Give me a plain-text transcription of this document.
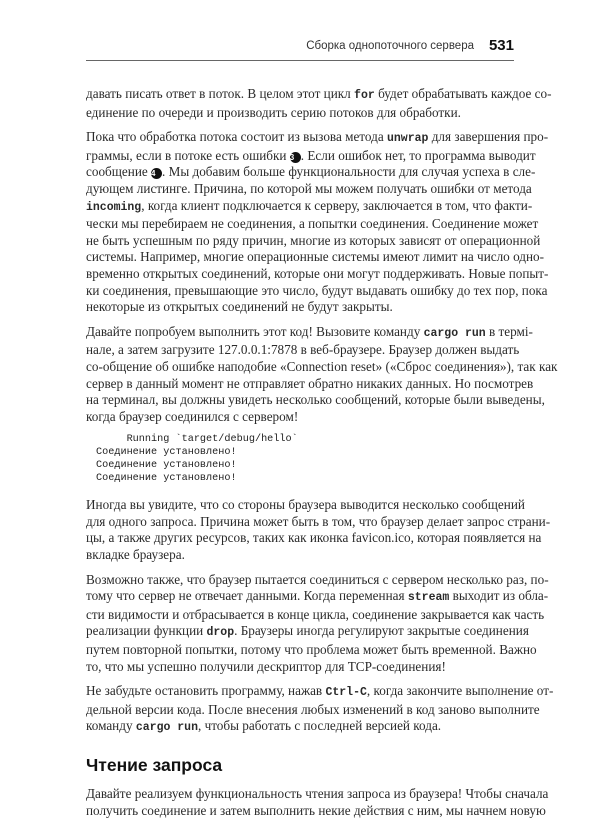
Сборка однопоточного сервера 531

давать писать ответ в поток. В целом этот цикл for будет обрабатывать каждое со-
единение по очереди и производить серию потоков для обработки.

Пока что обработка потока состоит из вызова метода unwrap для завершения про-
граммы, если в потоке есть ошибки 3 . Если ошибок нет, то программа выводит
сообщение 4 . Мы добавим больше функциональности для случая успеха в сле-
дующем листинге. Причина, по которой мы можем получать ошибки от метода
incoming, когда клиент подключается к серверу, заключается в том, что факти-
чески мы перебираем не соединения, а попытки соединения. Соединение может
не быть успешным по ряду причин, многие из которых зависят от операционной
системы. Например, многие операционные системы имеют лимит на число одно-
временно открытых соединений, которые они могут поддерживать. Новые попыт-
ки соединения, превышающие это число, будут выдавать ошибку до тех пор, пока
некоторые из открытых соединений не будут закрыты.

Давайте попробуем выполнить этот код! Вызовите команду cargo run в термі-
нале, а затем загрузите 127.0.0.1:7878 в веб-браузере. Браузер должен выдать
со-общение об ошибке наподобие «Connection reset» («Сброс соединения»), так как
сервер в данный момент не отправляет обратно никаких данных. Но посмотрев
на терминал, вы должны увидеть несколько сообщений, которые были выведены,
когда браузер соединился с сервером!

Running `target/debug/hello`
Соединение установлено!
Соединение установлено!
Соединение установлено!

Иногда вы увидите, что со стороны браузера выводится несколько сообщений
для одного запроса. Причина может быть в том, что браузер делает запрос страни-
цы, а также других ресурсов, таких как иконка favicon.ico, которая появляется на
вкладке браузера.

Возможно также, что браузер пытается соединиться с сервером несколько раз, по-
тому что сервер не отвечает данными. Когда переменная stream выходит из обла-
сти видимости и отбрасывается в конце цикла, соединение закрывается как часть
реализации функции drop. Браузеры иногда регулируют закрытые соединения
путем повторной попытки, потому что проблема может быть временной. Важно
то, что мы успешно получили дескриптор для TCP-соединения!

Не забудьте остановить программу, нажав Ctrl-C, когда закончите выполнение от-
дельной версии кода. После внесения любых изменений в код заново выполните
команду cargo run, чтобы работать с последней версией кода.

Чтение запроса

Давайте реализуем функциональность чтения запроса из браузера! Чтобы сначала
получить соединение и затем выполнить некие действия с ним, мы начнем новую
